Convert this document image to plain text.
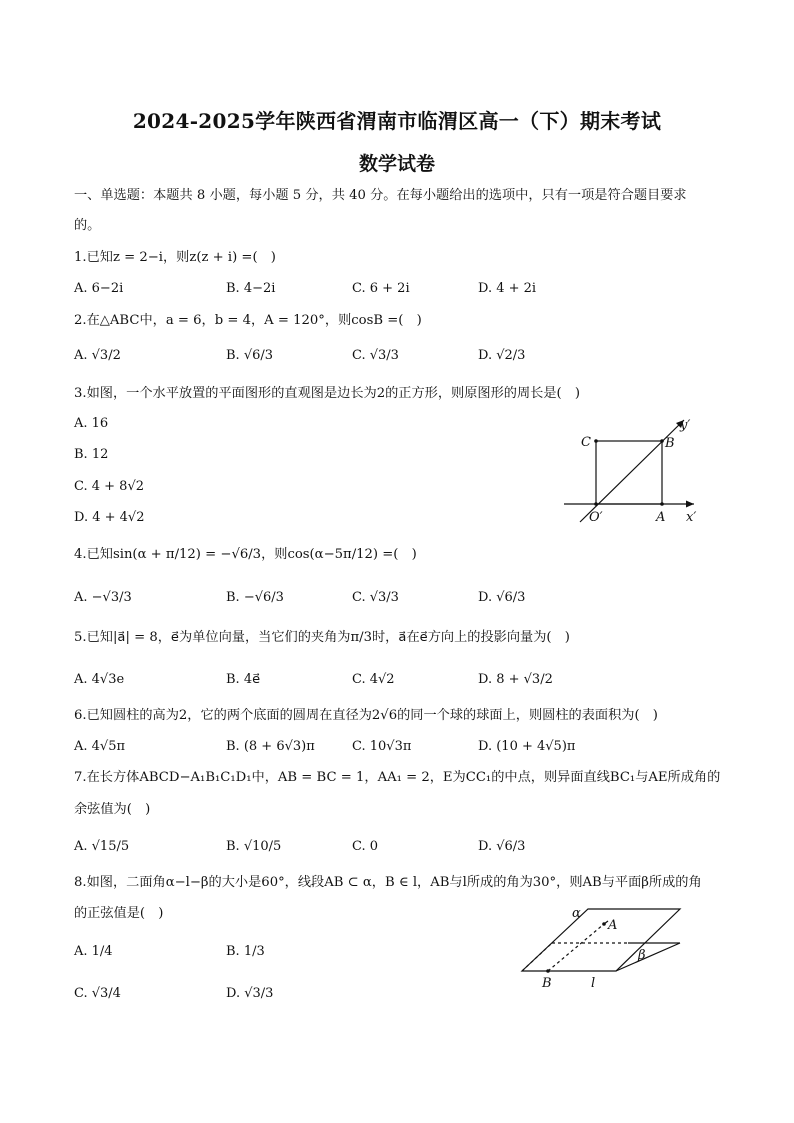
2024-2025学年陕西省渭南市临渭区高一（下）期末考试
数学试卷
一、单选题：本题共 8 小题，每小题 5 分，共 40 分。在每小题给出的选项中，只有一项是符合题目要求
的。
1.已知z = 2−i，则z(z + i) =(　)
A. 6−2i	B. 4−2i	C. 6 + 2i	D. 4 + 2i
2.在△ABC中，a = 6，b = 4，A = 120°，则cosB =(　)
A. √3/2	B. √6/3	C. √3/3	D. √2/3
3.如图，一个水平放置的平面图形的直观图是边长为2的正方形，则原图形的周长是(　)
A. 16
B. 12
C. 4 + 8√2
D. 4 + 4√2
C	B
y′
O′	A x′
4.已知sin(α + π/12) = −√6/3，则cos(α−5π/12) =(　)
A. −√3/3	B. −√6/3	C. √3/3	D. √6/3
5.已知|a⃗| = 8，e⃗为单位向量，当它们的夹角为π/3时，a⃗在e⃗方向上的投影向量为(　)
A. 4√3e	B. 4e⃗	C. 4√2	D. 8 + √3/2
6.已知圆柱的高为2，它的两个底面的圆周在直径为2√6的同一个球的球面上，则圆柱的表面积为(　)
A. 4√5π	B. (8 + 6√3)π	C. 10√3π	D. (10 + 4√5)π
7.在长方体ABCD−A₁B₁C₁D₁中，AB = BC = 1，AA₁ = 2，E为CC₁的中点，则异面直线BC₁与AE所成角的
余弦值为(　)
A. √15/5	B. √10/5	C. 0	D. √6/3
8.如图，二面角α−l−β的大小是60°，线段AB ⊂ α，B ∈ l，AB与l所成的角为30°，则AB与平面β所成的角
的正弦值是(　)
A. 1/4	B. 1/3
C. √3/4	D. √3/3
α
A
β
B	l
